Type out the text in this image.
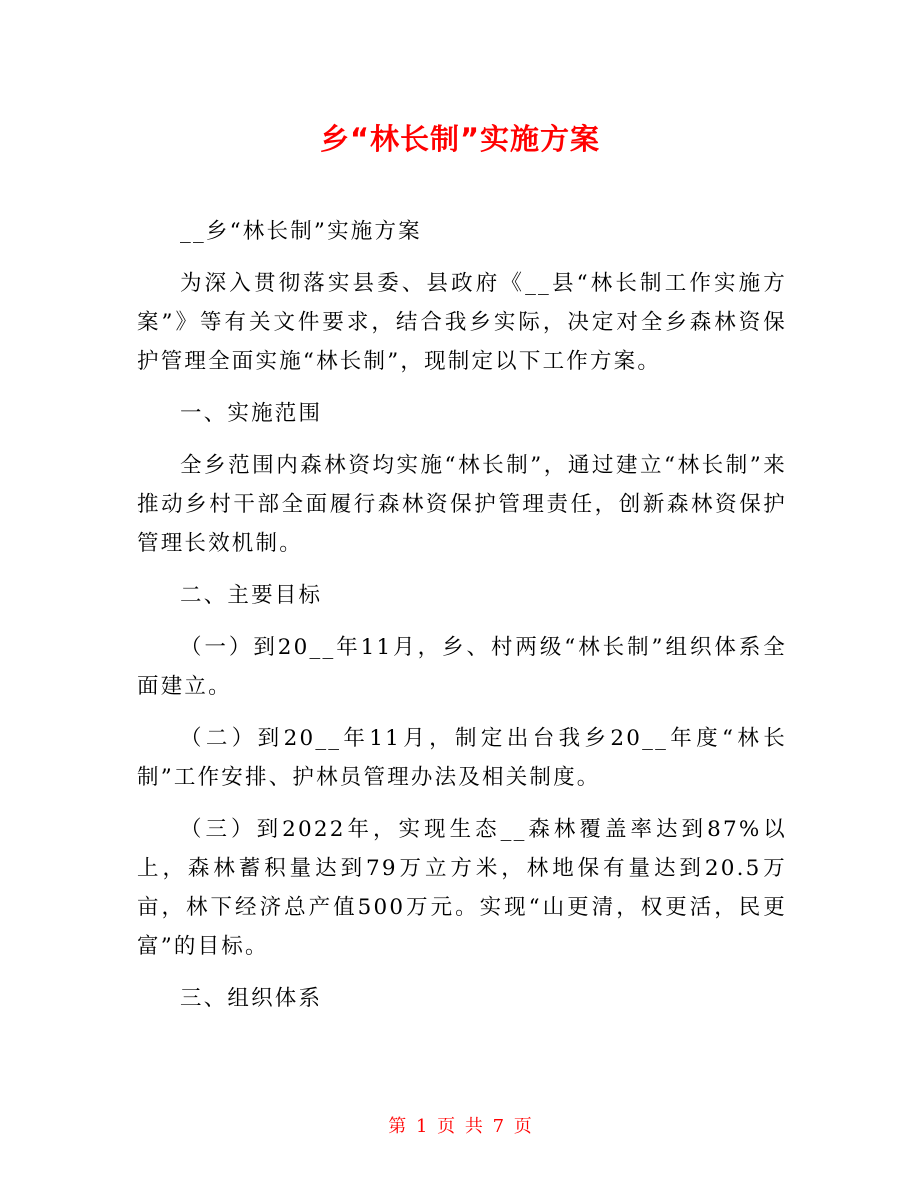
乡“林长制”实施方案

__乡“林长制”实施方案

为深入贯彻落实县委、县政府《__县“林长制工作实施方案”》等有关文件要求，结合我乡实际，决定对全乡森林资保护管理全面实施“林长制”，现制定以下工作方案。

一、实施范围

全乡范围内森林资均实施“林长制”，通过建立“林长制”来推动乡村干部全面履行森林资保护管理责任，创新森林资保护管理长效机制。

二、主要目标

（一）到20__年11月，乡、村两级“林长制”组织体系全面建立。

（二）到20__年11月，制定出台我乡20__年度“林长制”工作安排、护林员管理办法及相关制度。

（三）到2022年，实现生态__森林覆盖率达到87%以上，森林蓄积量达到79万立方米，林地保有量达到20.5万亩，林下经济总产值500万元。实现“山更清，权更活，民更富”的目标。

三、组织体系

第 1 页 共 7 页
